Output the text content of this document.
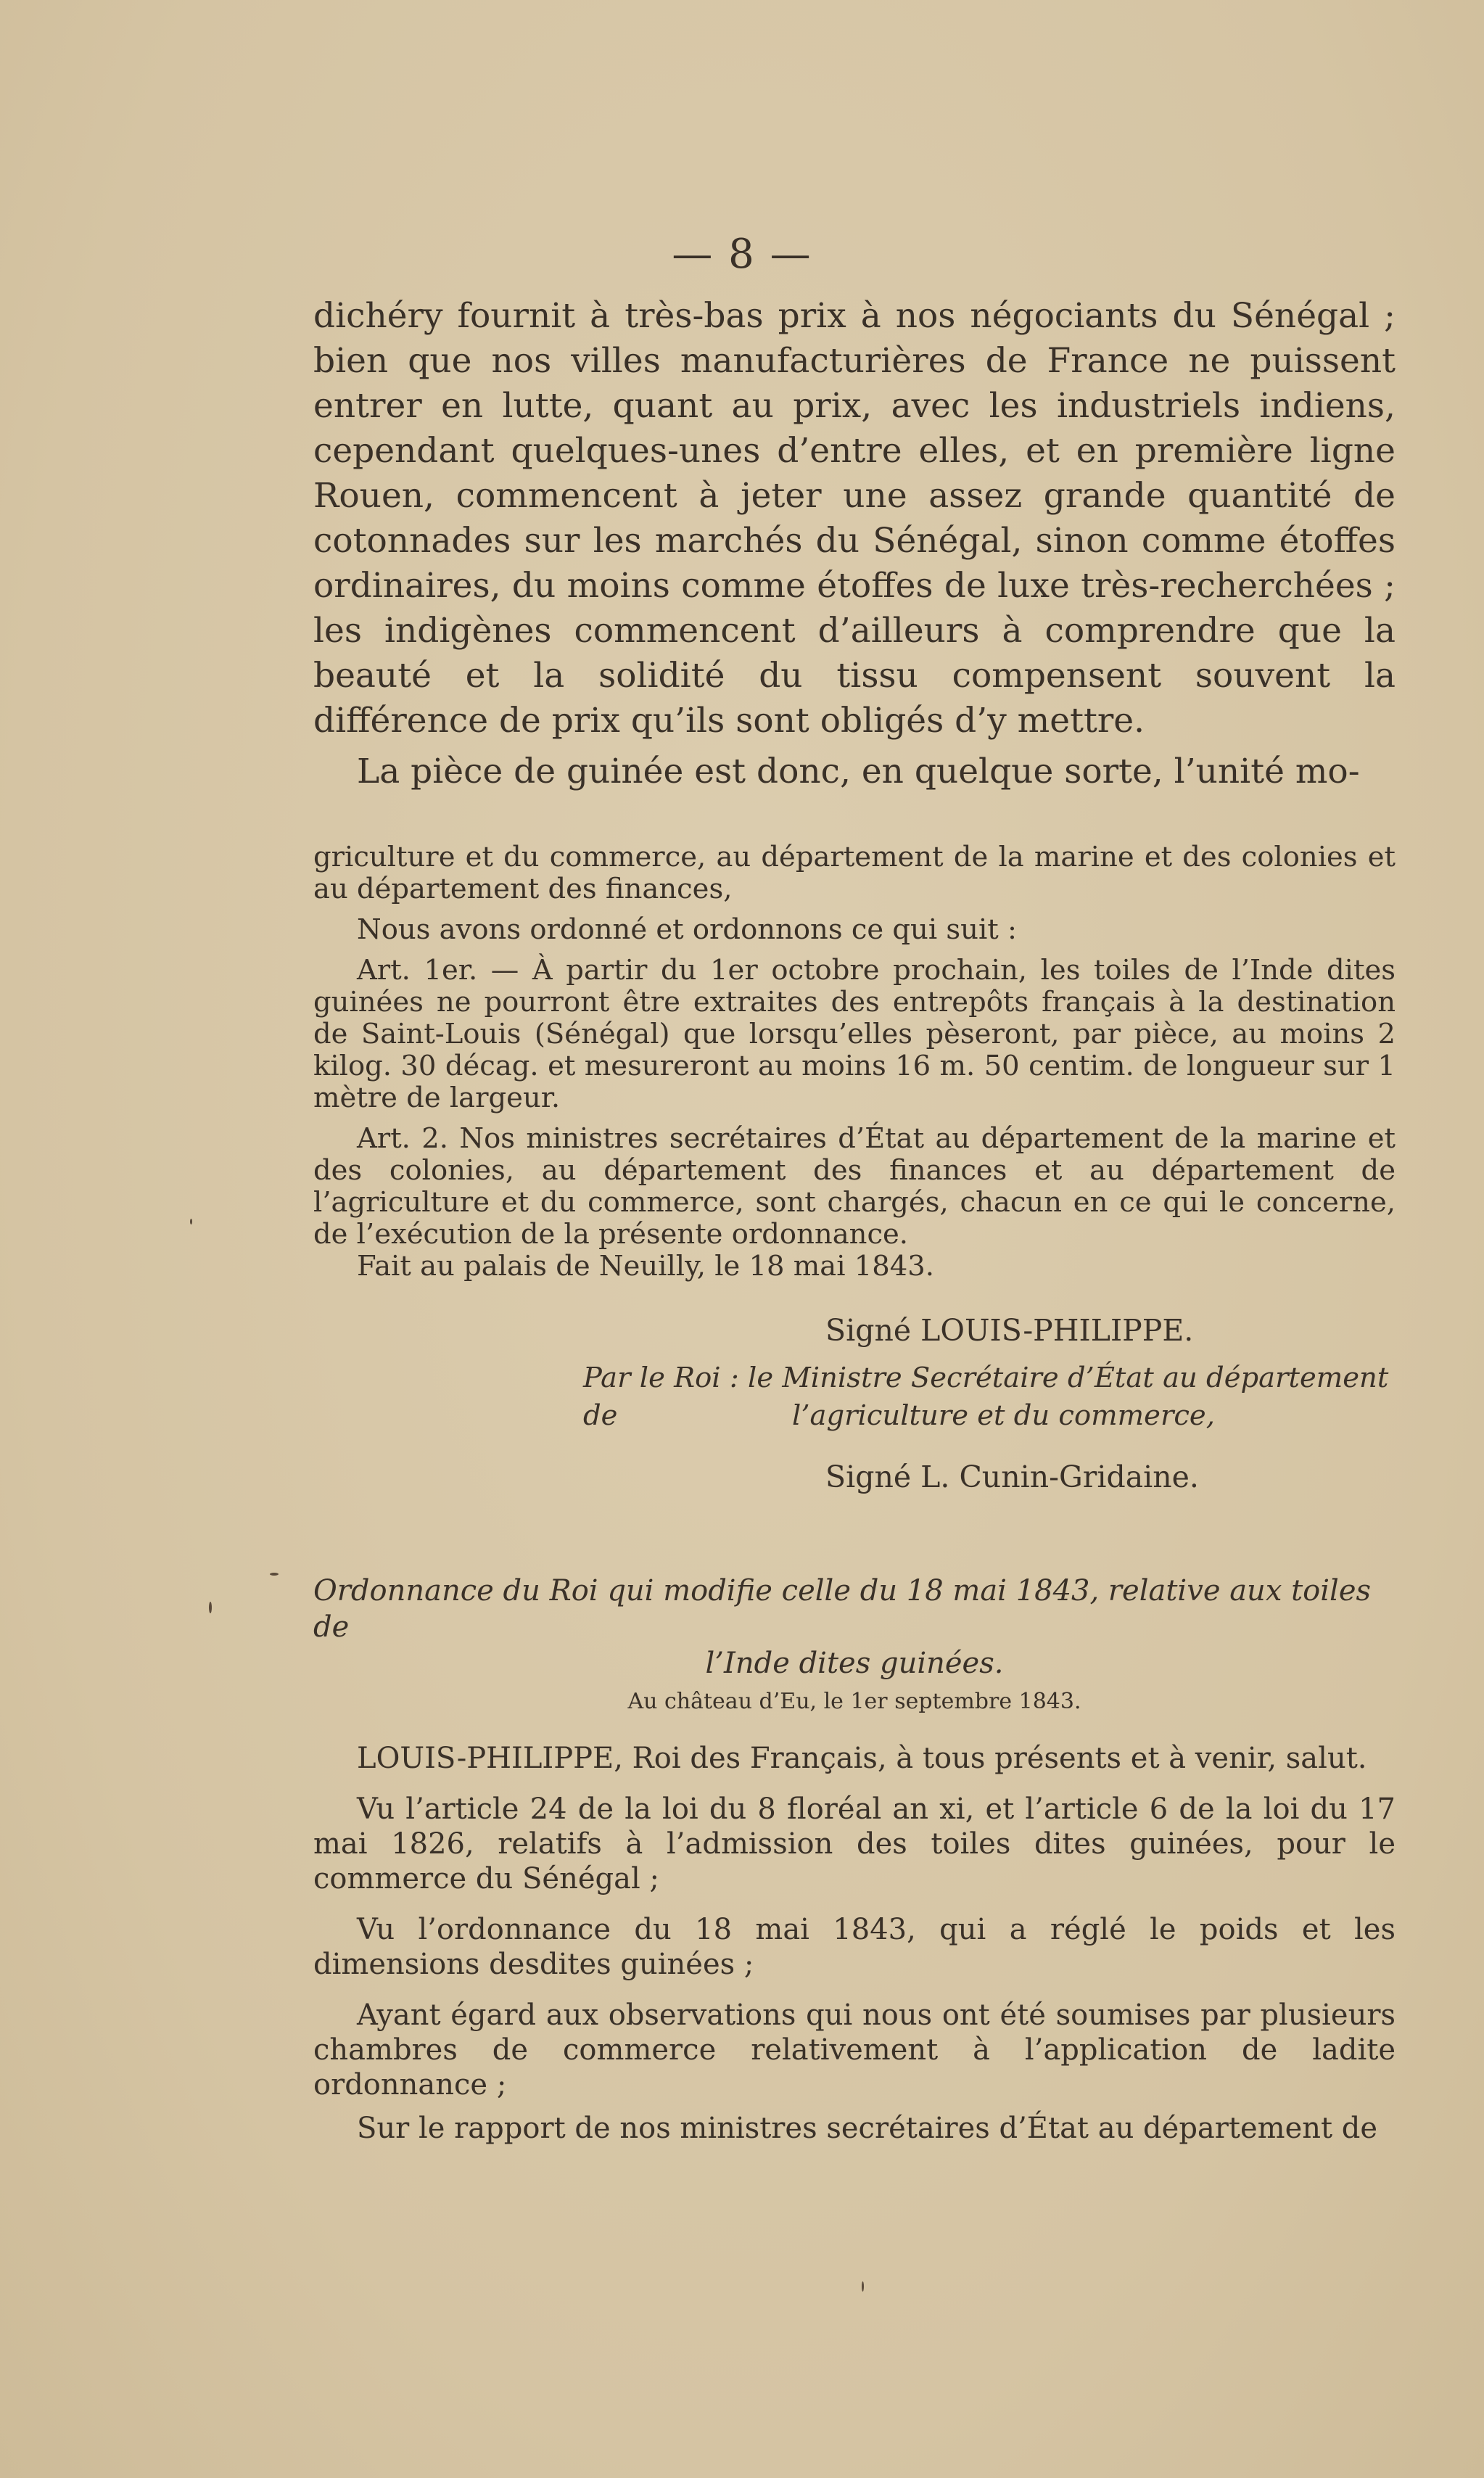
— 8 —

dichéry fournit à très-bas prix à nos négociants du Sénégal ; bien que nos villes manufacturières de France ne puissent entrer en lutte, quant au prix, avec les industriels indiens, cependant quelques-unes d’entre elles, et en première ligne Rouen, commencent à jeter une assez grande quantité de cotonnades sur les marchés du Sénégal, sinon comme étoffes ordinaires, du moins comme étoffes de luxe très-recherchées ; les indigènes commencent d’ailleurs à comprendre que la beauté et la solidité du tissu compensent souvent la différence de prix qu’ils sont obligés d’y mettre.

La pièce de guinée est donc, en quelque sorte, l’unité mo-

griculture et du commerce, au département de la marine et des colonies et au département des finances,

Nous avons ordonné et ordonnons ce qui suit :

Art. 1er. — À partir du 1er octobre prochain, les toiles de l’Inde dites guinées ne pourront être extraites des entrepôts français à la destination de Saint-Louis (Sénégal) que lorsqu’elles pèseront, par pièce, au moins 2 kilog. 30 décag. et mesureront au moins 16 m. 50 centim. de longueur sur 1 mètre de largeur.

Art. 2. Nos ministres secrétaires d’État au département de la marine et des colonies, au département des finances et au département de l’agriculture et du commerce, sont chargés, chacun en ce qui le concerne, de l’exécution de la présente ordonnance.

Fait au palais de Neuilly, le 18 mai 1843.

Signé LOUIS-PHILIPPE.
Par le Roi : le Ministre Secrétaire d’État au département de	l’agriculture et du commerce,
Signé L. Cunin-Gridaine.
Ordonnance du Roi qui modifie celle du 18 mai 1843, relative aux toiles de
l’Inde dites guinées.
Au château d’Eu, le 1er septembre 1843.

LOUIS-PHILIPPE, Roi des Français, à tous présents et à venir, salut.

Vu l’article 24 de la loi du 8 floréal an xi, et l’article 6 de la loi du 17 mai 1826, relatifs à l’admission des toiles dites guinées, pour le commerce du Sénégal ;

Vu l’ordonnance du 18 mai 1843, qui a réglé le poids et les dimensions desdites guinées ;

Ayant égard aux observations qui nous ont été soumises par plusieurs chambres de commerce relativement à l’application de ladite ordonnance ;

Sur le rapport de nos ministres secrétaires d’État au département de
